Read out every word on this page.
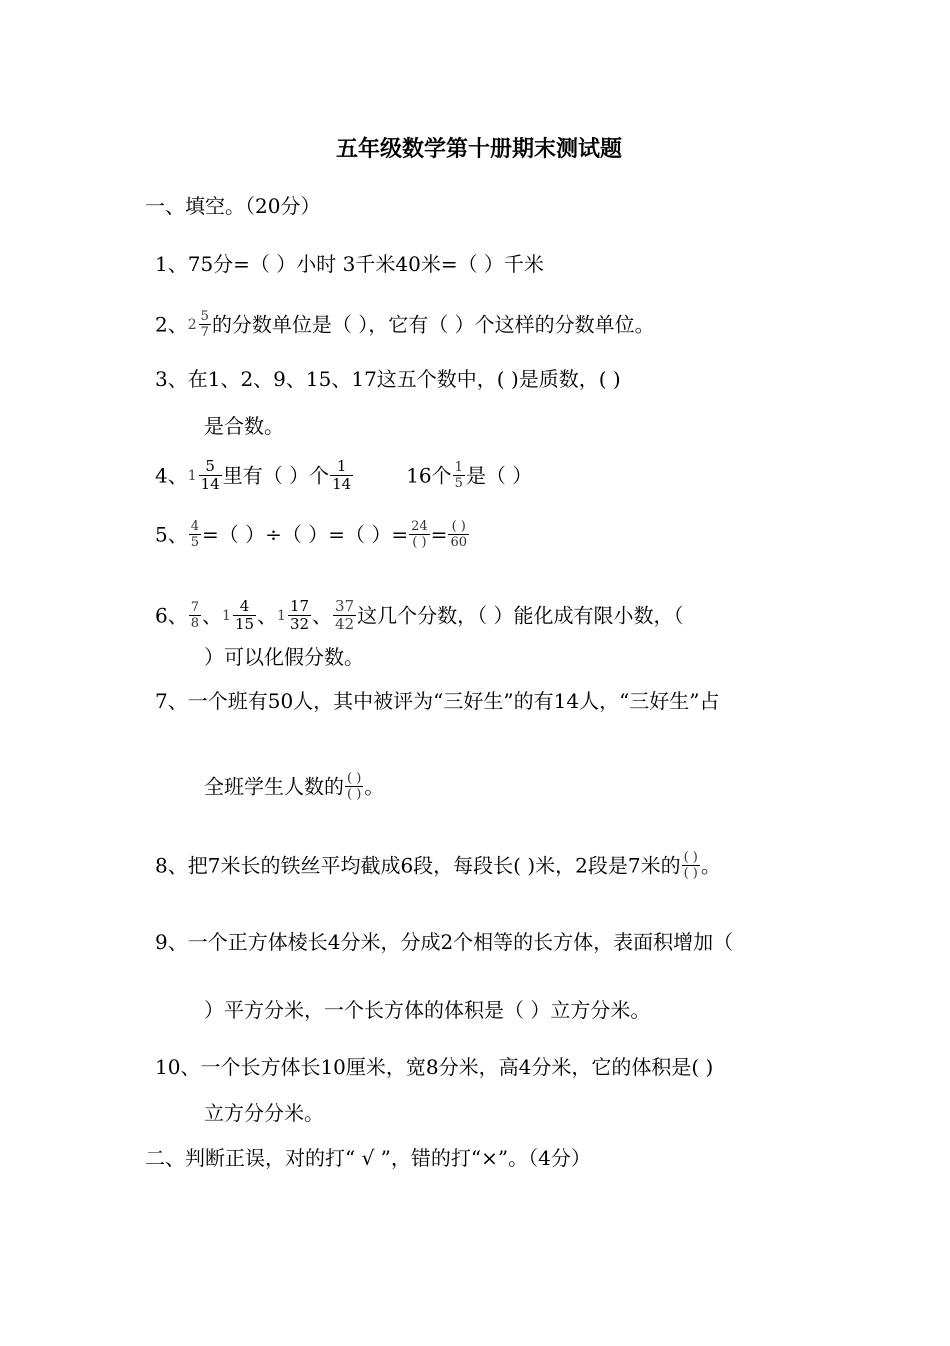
五年级数学第十册期末测试题
一、填空。（20分）
1、75分=（ ）小时 3千米40米=（ ）千米
2、$2 \frac{5}{7}$ 的分数单位是（ ），它有（ ）个这样的分数单位。
3、在1、2、9、15、17这五个数中，( )是质数，( )
是合数。
4、$1 \frac{5}{14}$ 里有（ ）个 $\frac{1}{14}$	16个 $\frac{1}{5}$ 是（ ）
5、 $\frac{4}{5}$ =（ ）÷（ ）=（ ）= $\frac{24}{( )} = \frac{( )}{60}$
6、 $\frac{7}{8}$ 、$1 \frac{4}{15}$ 、$1 \frac{17}{32}$ 、 $\frac{37}{42}$ 这几个分数，（ ）能化成有限小数，（
）可以化假分数。
7、一个班有50人，其中被评为“三好生”的有14人，“三好生”占
全班学生人数的 $\frac{( )}{( )}$ 。
8、把7米长的铁丝平均截成6段，每段长( )米，2段是7米的 $\frac{( )}{( )}$ 。
9、一个正方体棱长4分米，分成2个相等的长方体，表面积增加（
）平方分米，一个长方体的体积是（ ）立方分米。
10、一个长方体长10厘米，宽8分米，高4分米，它的体积是( )
立方分分米。
二、判断正误，对的打“ √ ”，错的打“×”。（4分）
